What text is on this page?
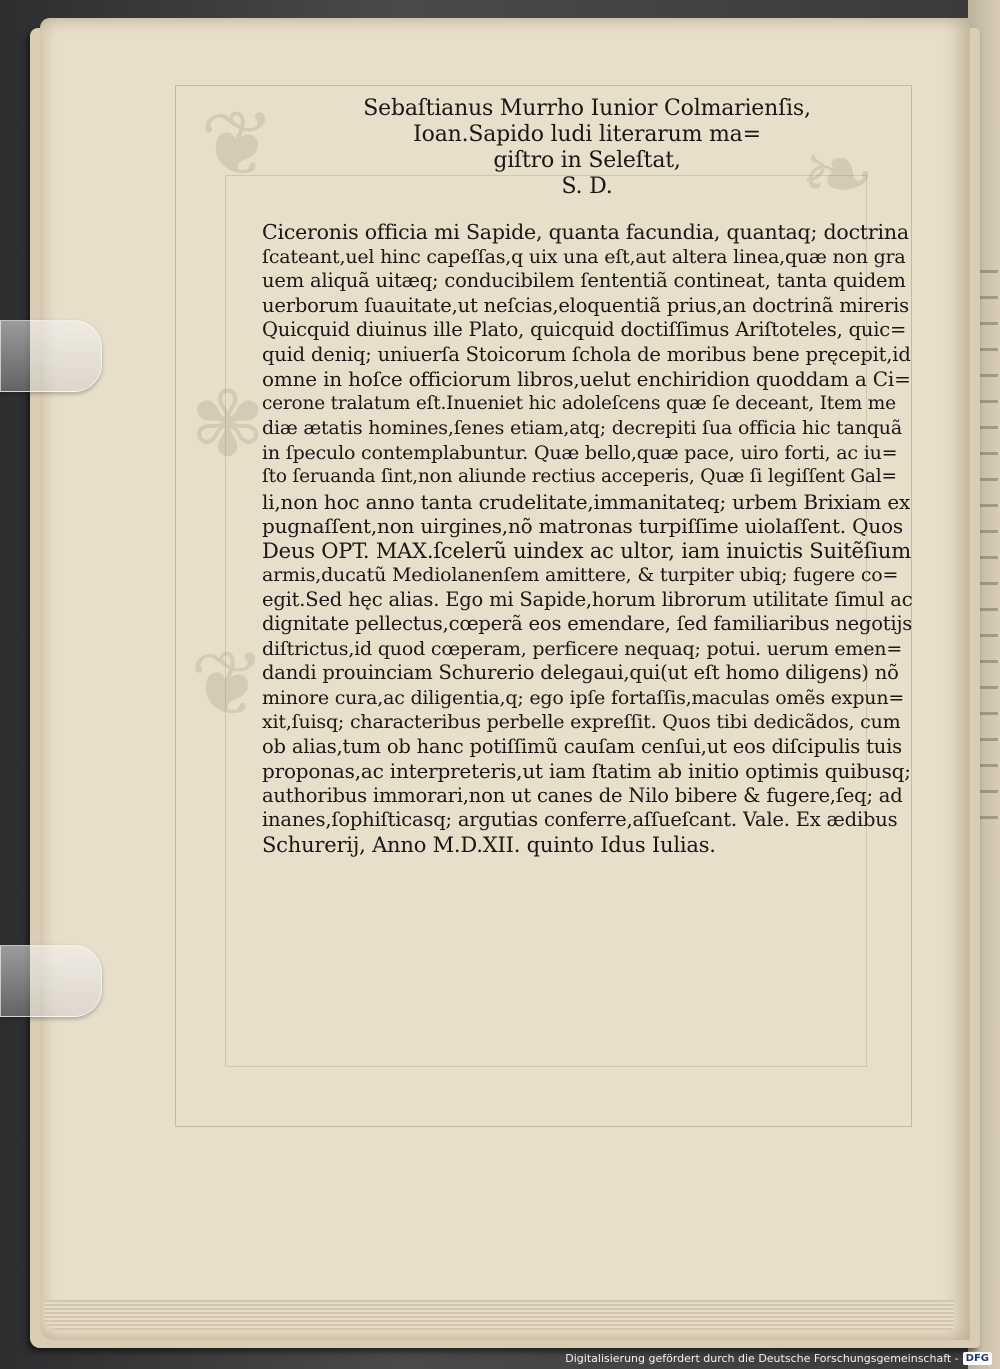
❦	❧
✾
❦
Sebaſtianus Murrho Iunior Colmarienſis,
Ioan.Sapido ludi literarum ma=
giſtro in Seleſtat,
S. D.
Ciceronis officia mi Sapide, quanta facundia, quantaq; doctrina
ſcateant,uel hinc capeſſas,q uix una eſt,aut altera linea,quæ non gra
uem aliquã uitæq; conducibilem ſententiã contineat, tanta quidem
uerborum ſuauitate,ut neſcias,eloquentiã prius,an doctrinã mireris
Quicquid diuinus ille Plato, quicquid doctiſſimus Ariſtoteles, quic=
quid deniq; uniuerſa Stoicorum ſchola de moribus bene pręcepit,id
omne in hoſce officiorum libros,uelut enchiridion quoddam a Ci=
cerone tralatum eſt.Inueniet hic adoleſcens quæ ſe deceant, Item me
diæ ætatis homines,ſenes etiam,atq; decrepiti ſua officia hic tanquã
in ſpeculo contemplabuntur. Quæ bello,quæ pace, uiro forti, ac iu=
ſto ſeruanda ſint,non aliunde rectius acceperis, Quæ ſi legiſſent Gal=
li,non hoc anno tanta crudelitate,immanitateq; urbem Brixiam ex
pugnaſſent,non uirgines,nõ matronas turpiſſime uiolaſſent. Quos
Deus OPT. MAX.ſcelerũ uindex ac ultor, iam inuictis Suitẽſium
armis,ducatũ Mediolanenſem amittere, & turpiter ubiq; fugere co=
egit.Sed hęc alias. Ego mi Sapide,horum librorum utilitate ſimul ac
dignitate pellectus,cœperã eos emendare, ſed familiaribus negotijs
diſtrictus,id quod cœperam, perficere nequaq; potui. uerum emen=
dandi prouinciam Schurerio delegaui,qui(ut eſt homo diligens) nõ
minore cura,ac diligentia,q; ego ipſe fortaſſis,maculas omẽs expun=
xit,ſuisq; characteribus perbelle expreſſit. Quos tibi dedicãdos, cum
ob alias,tum ob hanc potiſſimũ cauſam cenſui,ut eos diſcipulis tuis
proponas,ac interpreteris,ut iam ſtatim ab initio optimis quibusq;
authoribus immorari,non ut canes de Nilo bibere & fugere,ſeq; ad
inanes,ſophiſticasq; argutias conferre,aſſueſcant. Vale. Ex ædibus
Schurerij, Anno M.D.XII. quinto Idus Iulias.
Digitalisierung gefördert durch die Deutsche Forschungsgemeinschaft - DFG
